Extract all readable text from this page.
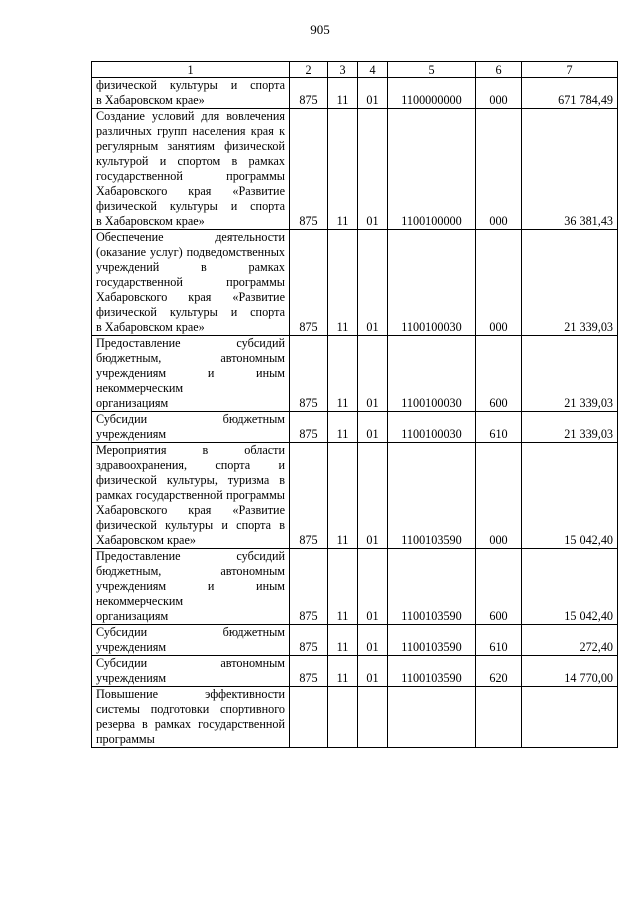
905
1	2	3	4	5	6	7

физической культуры и спорта
в Хабаровском крае»	875	11	01	1100000000	000	671 784,49

Создание условий для вовлечения различных групп населения края к регулярным занятиям физической культурой и спортом в рамках государственной программы Хабаровского края «Развитие физической культуры и спорта
в Хабаровском крае»	875	11	01	1100100000	000	36 381,43

Обеспечение деятельности (оказание услуг) подведомственных учреждений в рамках государственной программы Хабаровского края «Развитие физической культуры и спорта
в Хабаровском крае»	875	11	01	1100100030	000	21 339,03

Предоставление субсидий бюджетным, автономным учреждениям и иным некоммерческим
организациям	875	11	01	1100100030	600	21 339,03

Субсидии бюджетным
учреждениям	875	11	01	1100100030	610	21 339,03

Мероприятия в области здравоохранения, спорта и физической культуры, туризма в рамках государственной программы Хабаровского края «Развитие физической культуры и спорта в
Хабаровском крае»	875	11	01	1100103590	000	15 042,40

Предоставление субсидий бюджетным, автономным учреждениям и иным некоммерческим
организациям	875	11	01	1100103590	600	15 042,40

Субсидии бюджетным
учреждениям	875	11	01	1100103590	610	272,40

Субсидии автономным
учреждениям	875	11	01	1100103590	620	14 770,00

Повышение эффективности системы подготовки спортивного резерва в рамках государственной программы						
